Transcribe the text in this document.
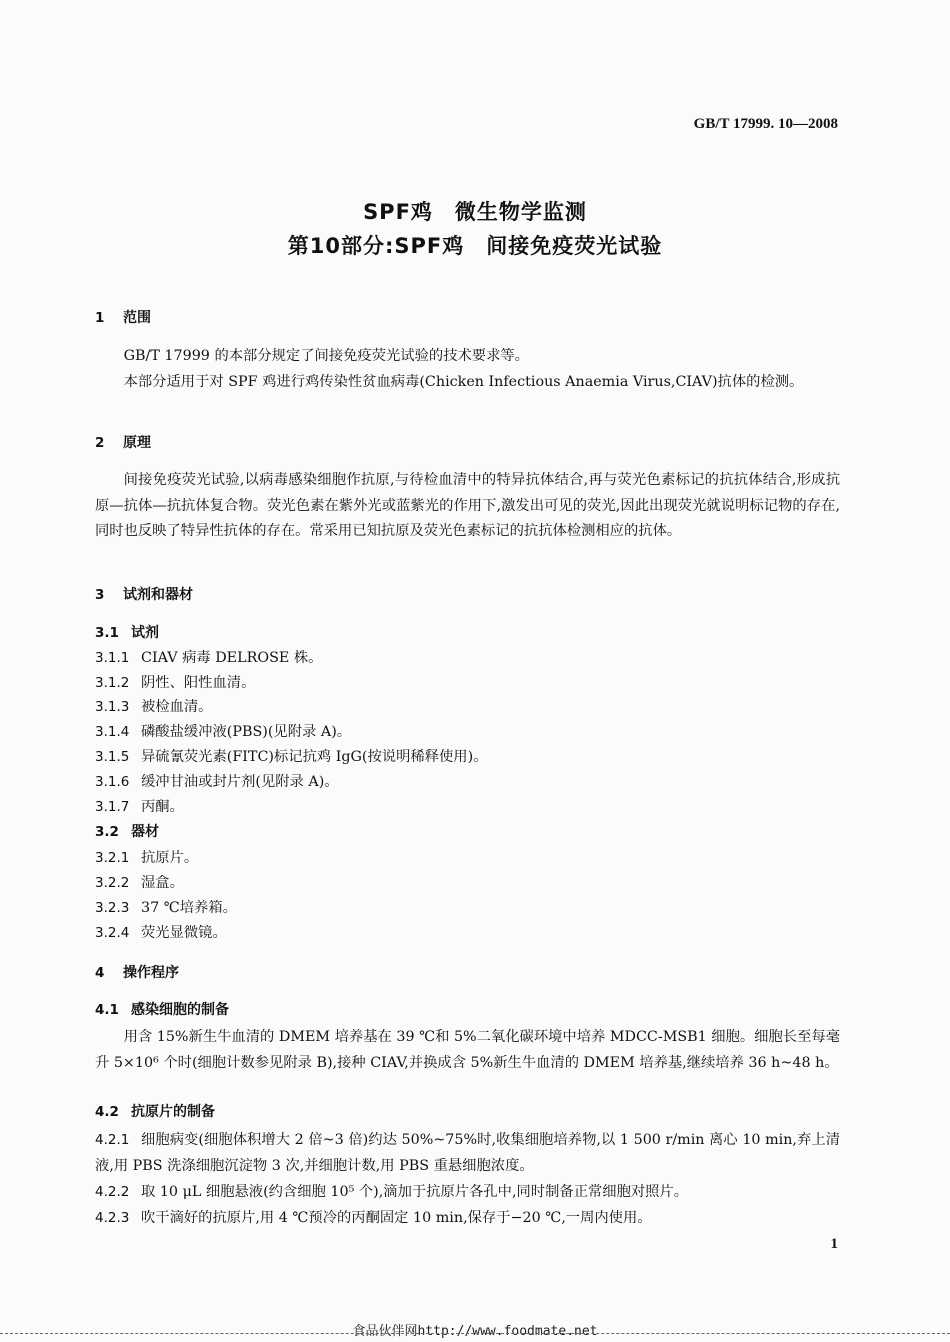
GB/T 17999. 10—2008
SPF鸡　微生物学监测
第10部分:SPF鸡　间接免疫荧光试验
1 范围
GB/T 17999 的本部分规定了间接免疫荧光试验的技术要求等。
本部分适用于对 SPF 鸡进行鸡传染性贫血病毒(Chicken Infectious Anaemia Virus,CIAV)抗体的检测。
2 原理
间接免疫荧光试验,以病毒感染细胞作抗原,与待检血清中的特异抗体结合,再与荧光色素标记的抗抗体结合,形成抗原—抗体—抗抗体复合物。荧光色素在紫外光或蓝紫光的作用下,激发出可见的荧光,因此出现荧光就说明标记物的存在,同时也反映了特异性抗体的存在。常采用已知抗原及荧光色素标记的抗抗体检测相应的抗体。
3 试剂和器材
3.1 试剂
3.1.1 CIAV 病毒 DELROSE 株。
3.1.2 阴性、阳性血清。
3.1.3 被检血清。
3.1.4 磷酸盐缓冲液(PBS)(见附录 A)。
3.1.5 异硫氰荧光素(FITC)标记抗鸡 IgG(按说明稀释使用)。
3.1.6 缓冲甘油或封片剂(见附录 A)。
3.1.7 丙酮。
3.2 器材
3.2.1 抗原片。
3.2.2 湿盒。
3.2.3 37 ℃培养箱。
3.2.4 荧光显微镜。
4 操作程序
4.1 感染细胞的制备
用含 15%新生牛血清的 DMEM 培养基在 39 ℃和 5%二氧化碳环境中培养 MDCC-MSB1 细胞。细胞长至每毫升 5×10⁶ 个时(细胞计数参见附录 B),接种 CIAV,并换成含 5%新生牛血清的 DMEM 培养基,继续培养 36 h~48 h。
4.2 抗原片的制备
4.2.1 细胞病变(细胞体积增大 2 倍~3 倍)约达 50%~75%时,收集细胞培养物,以 1 500 r/min 离心 10 min,弃上清液,用 PBS 洗涤细胞沉淀物 3 次,并细胞计数,用 PBS 重悬细胞浓度。
4.2.2 取 10 μL 细胞悬液(约含细胞 10⁵ 个),滴加于抗原片各孔中,同时制备正常细胞对照片。
4.2.3 吹干滴好的抗原片,用 4 ℃预冷的丙酮固定 10 min,保存于−20 ℃,一周内使用。
1
食品伙伴网http://www.foodmate.net
